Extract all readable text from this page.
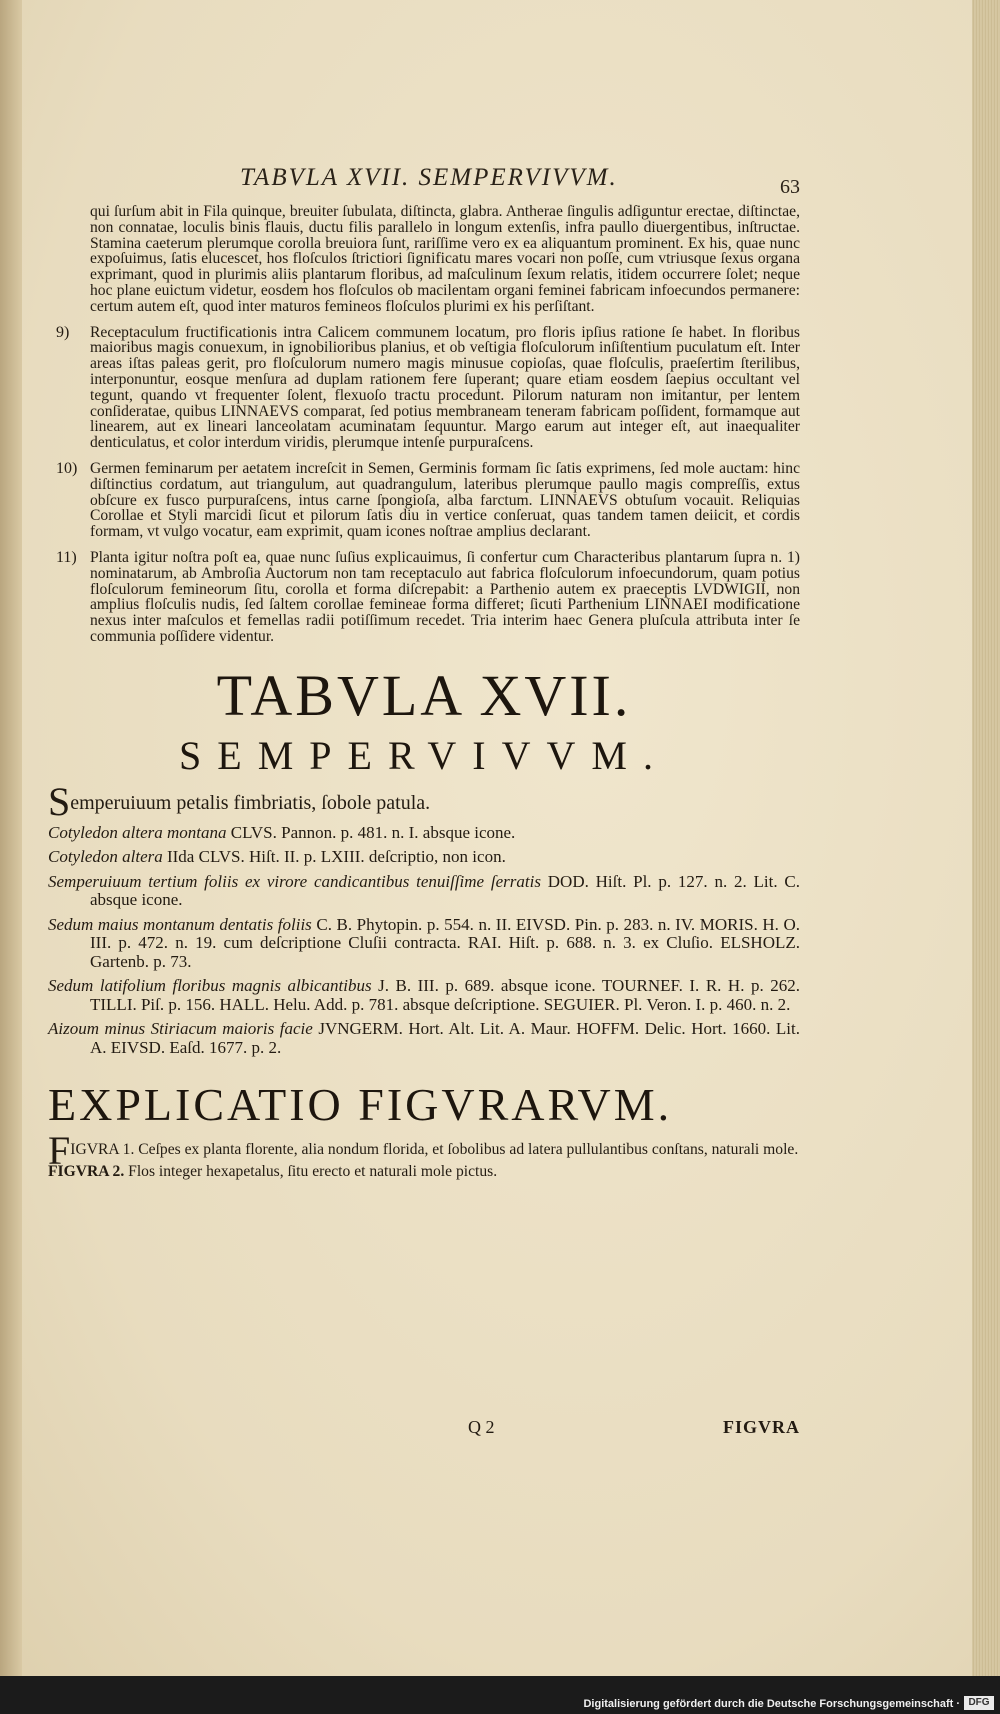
TABVLA XVII. SEMPERVIVVM.	63

qui ſurſum abit in Fila quinque, breuiter ſubulata, diſtincta, glabra. Antherae ſingulis adſiguntur erectae, diſtinctae, non connatae, loculis binis flauis, ductu filis parallelo in longum extenſis, infra paullo diuergentibus, inſtructae. Stamina caeterum plerumque corolla breuiora ſunt, rariſſime vero ex ea aliquantum prominent. Ex his, quae nunc expoſuimus, ſatis elucescet, hos floſculos ſtrictiori ſignificatu mares vocari non poſſe, cum vtriusque ſexus organa exprimant, quod in plurimis aliis plantarum floribus, ad maſculinum ſexum relatis, itidem occurrere ſolet; neque hoc plane euictum videtur, eosdem hos floſculos ob macilentam organi feminei fabricam infoecundos permanere: certum autem eſt, quod inter maturos femineos floſculos plurimi ex his perſiſtant.

9) Receptaculum fructificationis intra Calicem communem locatum, pro floris ipſius ratione ſe habet. In floribus maioribus magis conuexum, in ignobilioribus planius, et ob veſtigia floſculorum inſiſtentium puculatum eſt. Inter areas iſtas paleas gerit, pro floſculorum numero magis minusue copioſas, quae floſculis, praeſertim ſterilibus, interponuntur, eosque menſura ad duplam rationem fere ſuperant; quare etiam eosdem ſaepius occultant vel tegunt, quando vt frequenter ſolent, flexuoſo tractu procedunt. Pilorum naturam non imitantur, per lentem conſideratae, quibus LINNAEVS comparat, ſed potius membraneam teneram fabricam poſſident, formamque aut linearem, aut ex lineari lanceolatam acuminatam ſequuntur. Margo earum aut integer eſt, aut inaequaliter denticulatus, et color interdum viridis, plerumque intenſe purpuraſcens.
10) Germen feminarum per aetatem increſcit in Semen, Germinis formam ſic ſatis exprimens, ſed mole auctam: hinc diſtinctius cordatum, aut triangulum, aut quadrangulum, lateribus plerumque paullo magis compreſſis, extus obſcure ex fusco purpuraſcens, intus carne ſpongioſa, alba farctum. LINNAEVS obtuſum vocauit. Reliquias Corollae et Styli marcidi ſicut et pilorum ſatis diu in vertice conſeruat, quas tandem tamen deiicit, et cordis formam, vt vulgo vocatur, eam exprimit, quam icones noſtrae amplius declarant.
11) Planta igitur noſtra poſt ea, quae nunc ſuſius explicauimus, ſi confertur cum Characteribus plantarum ſupra n. 1) nominatarum, ab Ambroſia Auctorum non tam receptaculo aut fabrica floſculorum infoecundorum, quam potius floſculorum femineorum ſitu, corolla et forma diſcrepabit: a Parthenio autem ex praeceptis LVDWIGII, non amplius floſculis nudis, ſed ſaltem corollae femineae forma differet; ſicuti Parthenium LINNAEI modificatione nexus inter maſculos et femellas radii potiſſimum recedet. Tria interim haec Genera pluſcula attributa inter ſe communia poſſidere videntur.
TABVLA XVII.
SEMPERVIVVM.
Semperuiuum petalis fimbriatis, ſobole patula.
Cotyledon altera montana CLVS. Pannon. p. 481. n. I. absque icone.
Cotyledon altera IIda CLVS. Hiſt. II. p. LXIII. deſcriptio, non icon.
Semperuiuum tertium foliis ex virore candicantibus tenuiſſime ſerratis DOD. Hiſt. Pl. p. 127. n. 2. Lit. C. absque icone.
Sedum maius montanum dentatis foliis C. B. Phytopin. p. 554. n. II. EIVSD. Pin. p. 283. n. IV. MORIS. H. O. III. p. 472. n. 19. cum deſcriptione Cluſii contracta. RAI. Hiſt. p. 688. n. 3. ex Cluſio. ELSHOLZ. Gartenb. p. 73.
Sedum latifolium floribus magnis albicantibus J. B. III. p. 689. absque icone. TOURNEF. I. R. H. p. 262. TILLI. Piſ. p. 156. HALL. Helu. Add. p. 781. absque deſcriptione. SEGUIER. Pl. Veron. I. p. 460. n. 2.
Aizoum minus Stiriacum maioris facie JVNGERM. Hort. Alt. Lit. A. Maur. HOFFM. Delic. Hort. 1660. Lit. A. EIVSD. Eaſd. 1677. p. 2.
EXPLICATIO FIGVRARVM.
FIGVRA 1. Ceſpes ex planta florente, alia nondum florida, et ſobolibus ad latera pullulantibus conſtans, naturali mole.
FIGVRA 2. Flos integer hexapetalus, ſitu erecto et naturali mole pictus.
Q 2	FIGVRA
Digitalisierung gefördert durch die Deutsche Forschungsgemeinschaft · DFG
